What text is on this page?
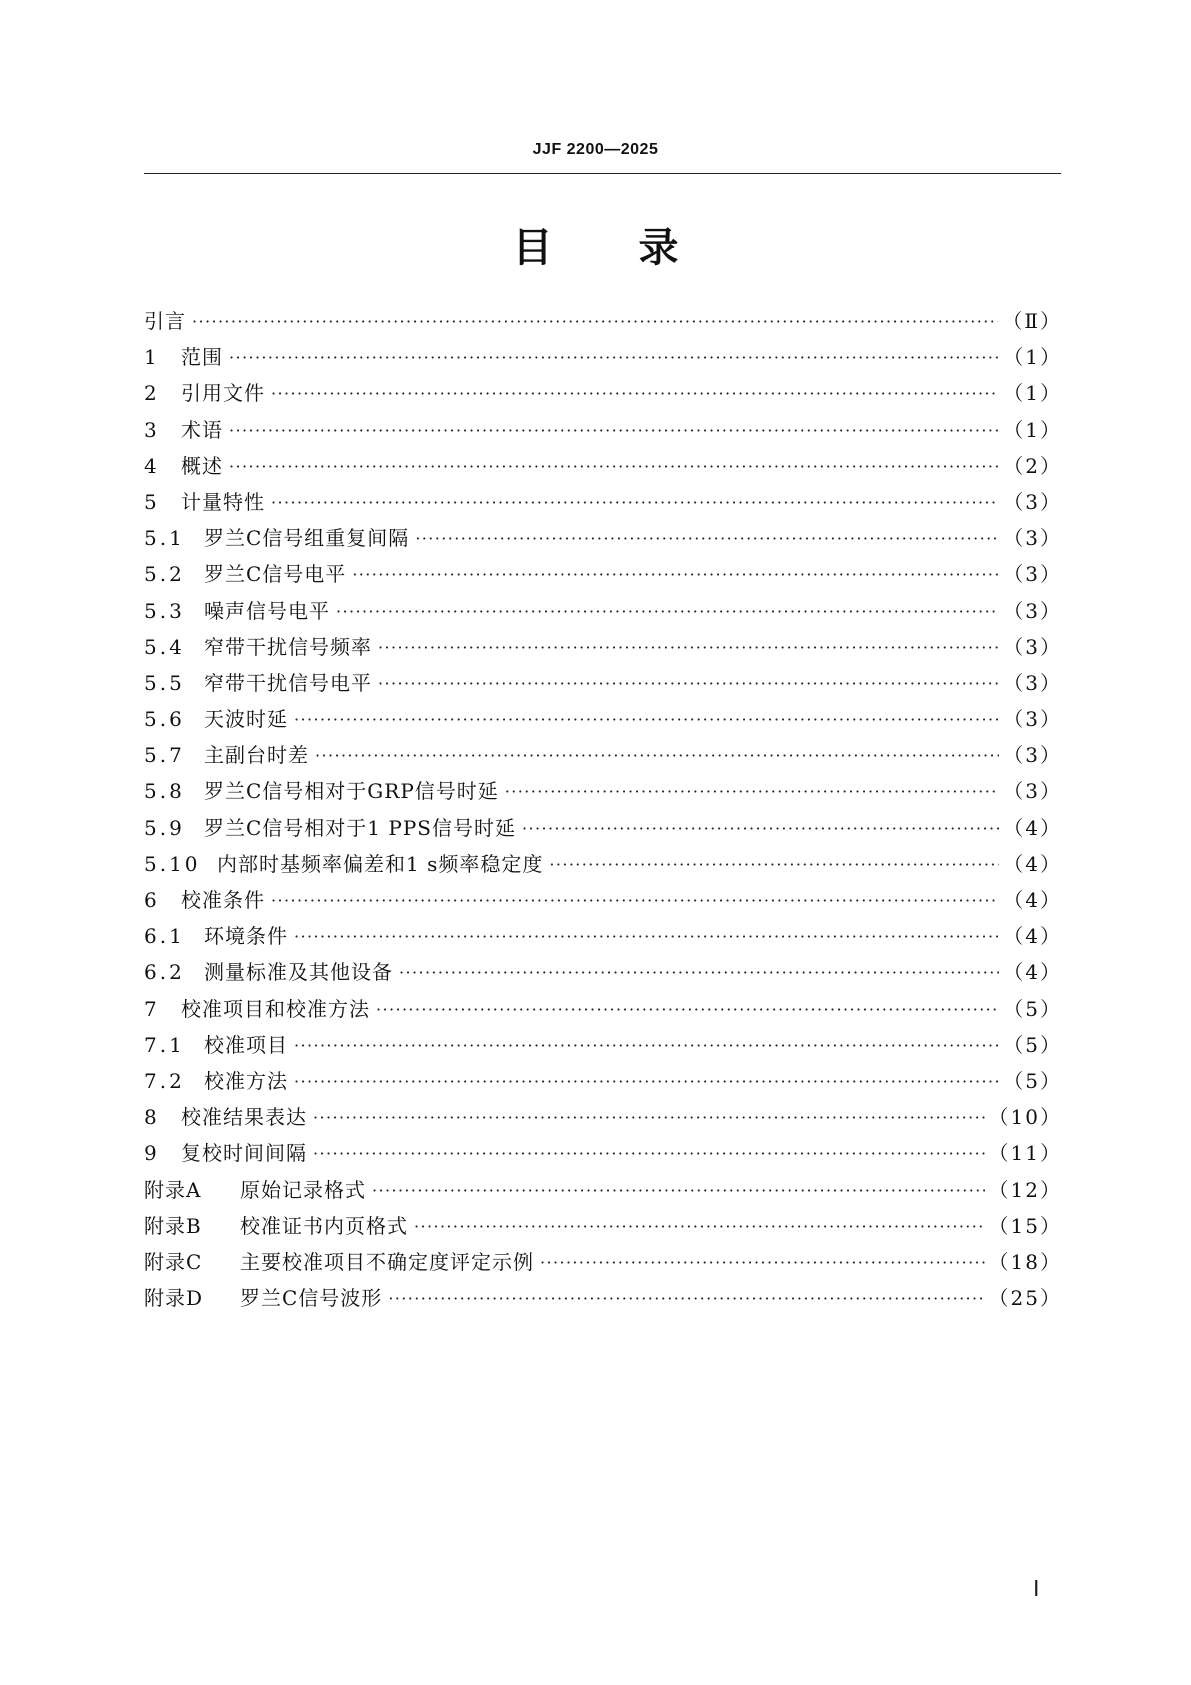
JJF 2200—2025
目录
引言 ·····	（Ⅱ）
1	范围 ·····	（1）
2	引用文件 ·····	（1）
3	术语 ·····	（1）
4	概述 ·····	（2）
5	计量特性 ·····	（3）
5.1 罗兰C信号组重复间隔 ·····	（3）
5.2 罗兰C信号电平 ·····	（3）
5.3 噪声信号电平 ·····	（3）
5.4 窄带干扰信号频率 ·····	（3）
5.5 窄带干扰信号电平 ·····	（3）
5.6 天波时延 ·····	（3）
5.7 主副台时差 ·····	（3）
5.8 罗兰C信号相对于GRP信号时延 ·····	（3）
5.9 罗兰C信号相对于1 PPS信号时延 ·····	（4）
5.10 内部时基频率偏差和1 s频率稳定度 ·····	（4）
6	校准条件 ·····	（4）
6.1 环境条件 ·····	（4）
6.2 测量标准及其他设备 ·····	（4）
7	校准项目和校准方法 ·····	（5）
7.1 校准项目 ·····	（5）
7.2 校准方法 ·····	（5）
8	校准结果表达 ·····	（10）
9	复校时间间隔 ·····	（11）
附录A	原始记录格式 ·····	（12）
附录B	校准证书内页格式 ·····	（15）
附录C	主要校准项目不确定度评定示例 ·····	（18）
附录D	罗兰C信号波形 ·····	（25）
Ⅰ
